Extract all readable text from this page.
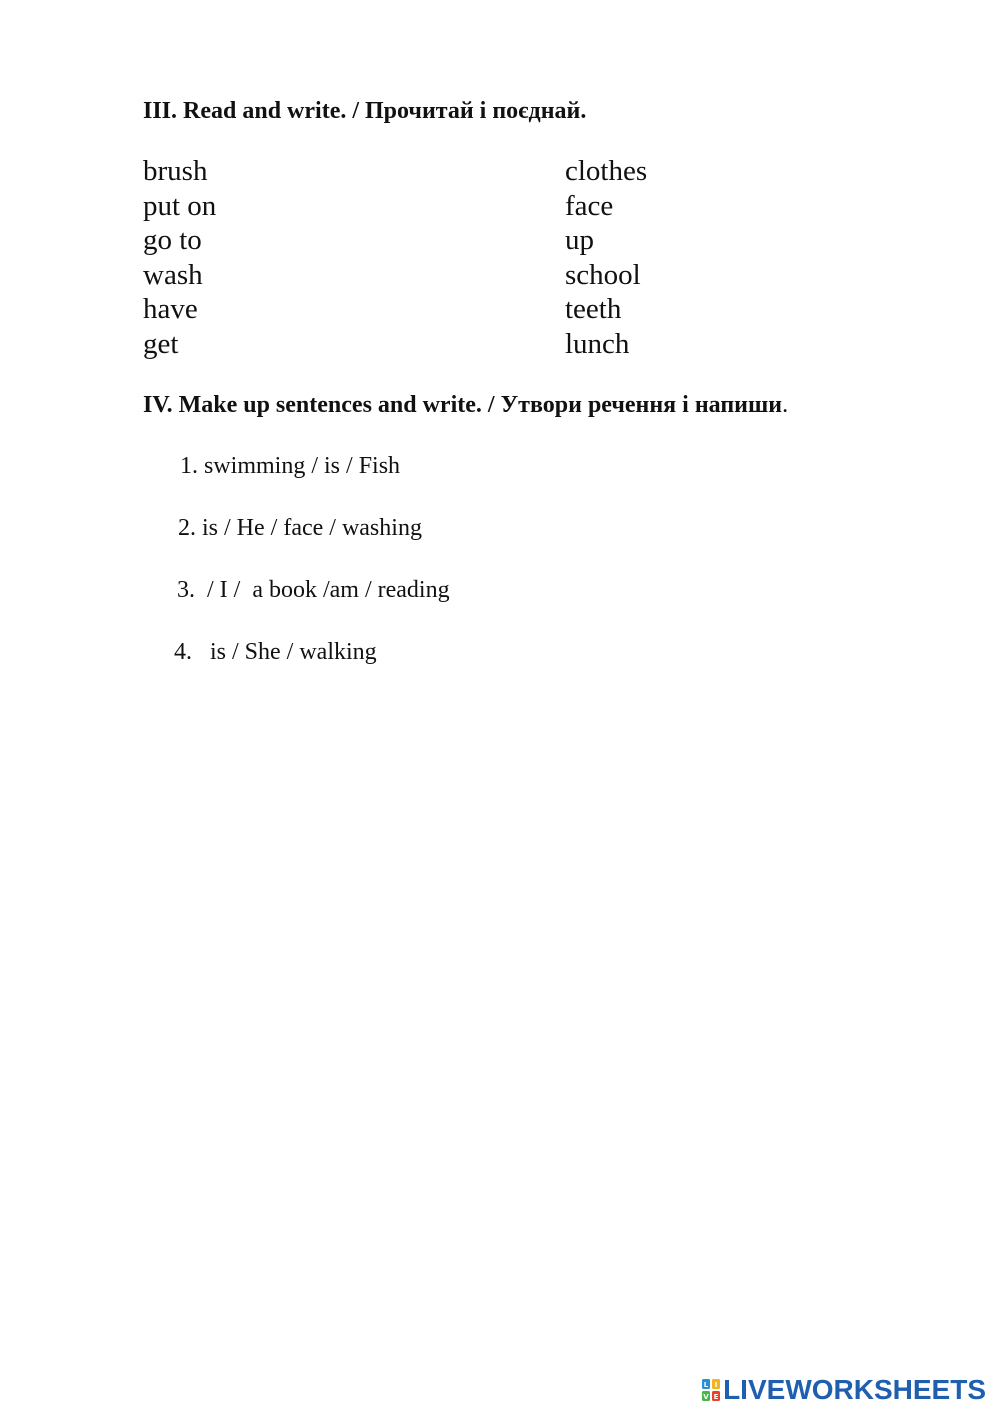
III. Read and write. / Прочитай і поєднай.
brush
put on
go to
wash
have
get
clothes
face
up
school
teeth
lunch
IV. Make up sentences and write. / Утвори речення і напиши.
1. swimming / is / Fish
2. is / He / face / washing
3.  / I /  a book /am / reading
4.   is / She / walking
L I
V E LIVEWORKSHEETS
